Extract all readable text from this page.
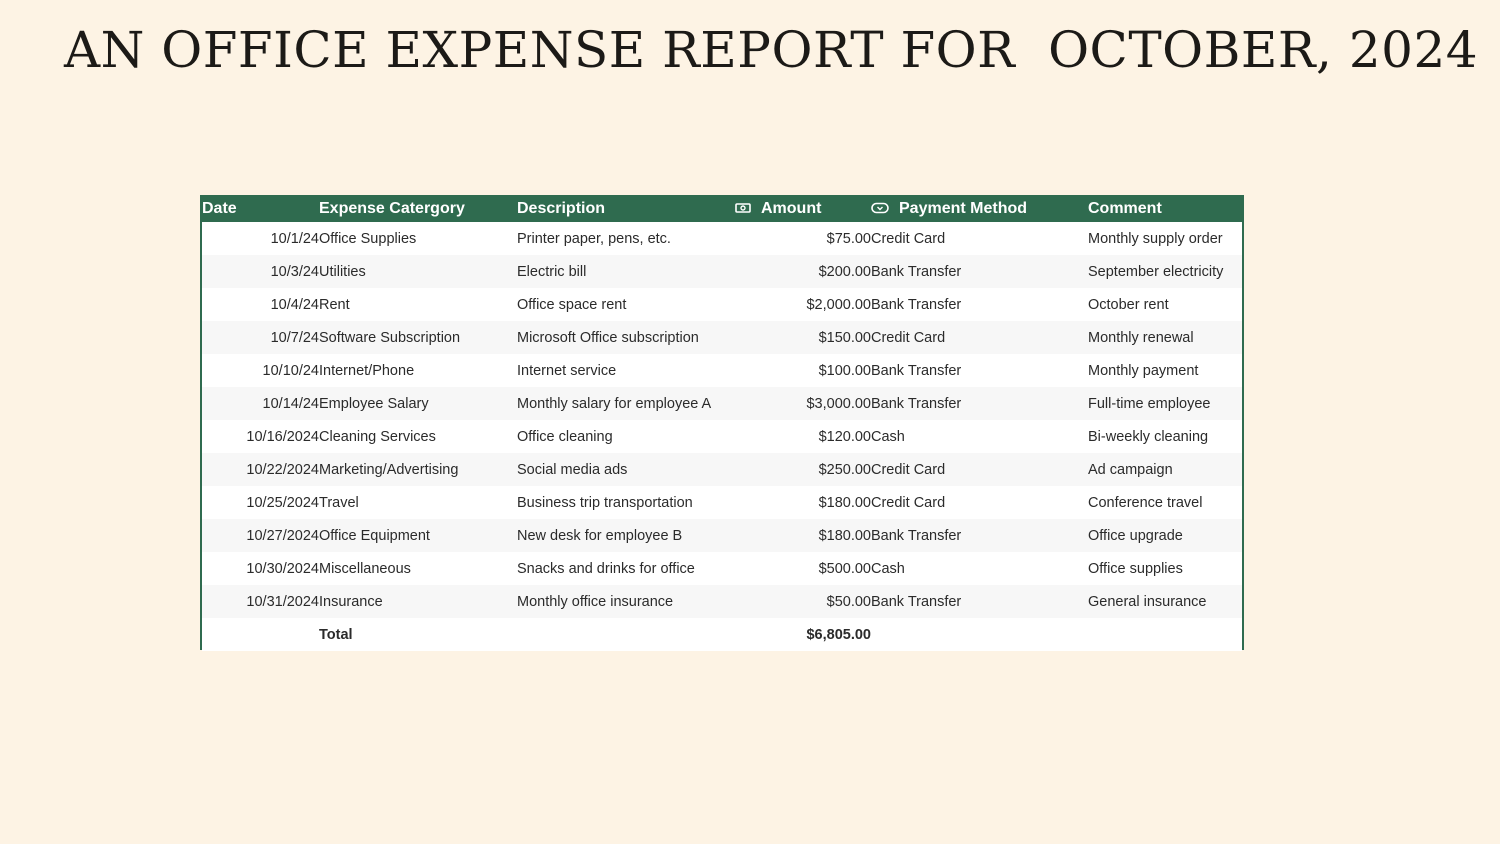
AN OFFICE EXPENSE REPORT FOR  OCTOBER, 2024
Date	Expense Catergory	Description	Amount	Payment Method	Comment
10/1/24	Office Supplies	Printer paper, pens, etc.	$75.00	Credit Card	Monthly supply order
10/3/24	Utilities	Electric bill	$200.00	Bank Transfer	September electricity
10/4/24	Rent	Office space rent	$2,000.00	Bank Transfer	October rent
10/7/24	Software Subscription	Microsoft Office subscription	$150.00	Credit Card	Monthly renewal
10/10/24	Internet/Phone	Internet service	$100.00	Bank Transfer	Monthly payment
10/14/24	Employee Salary	Monthly salary for employee A	$3,000.00	Bank Transfer	Full-time employee
10/16/2024	Cleaning Services	Office cleaning	$120.00	Cash	Bi-weekly cleaning
10/22/2024	Marketing/Advertising	Social media ads	$250.00	Credit Card	Ad campaign
10/25/2024	Travel	Business trip transportation	$180.00	Credit Card	Conference travel
10/27/2024	Office Equipment	New desk for employee B	$180.00	Bank Transfer	Office upgrade
10/30/2024	Miscellaneous	Snacks and drinks for office	$500.00	Cash	Office supplies
10/31/2024	Insurance	Monthly office insurance	$50.00	Bank Transfer	General insurance
	Total		$6,805.00		
